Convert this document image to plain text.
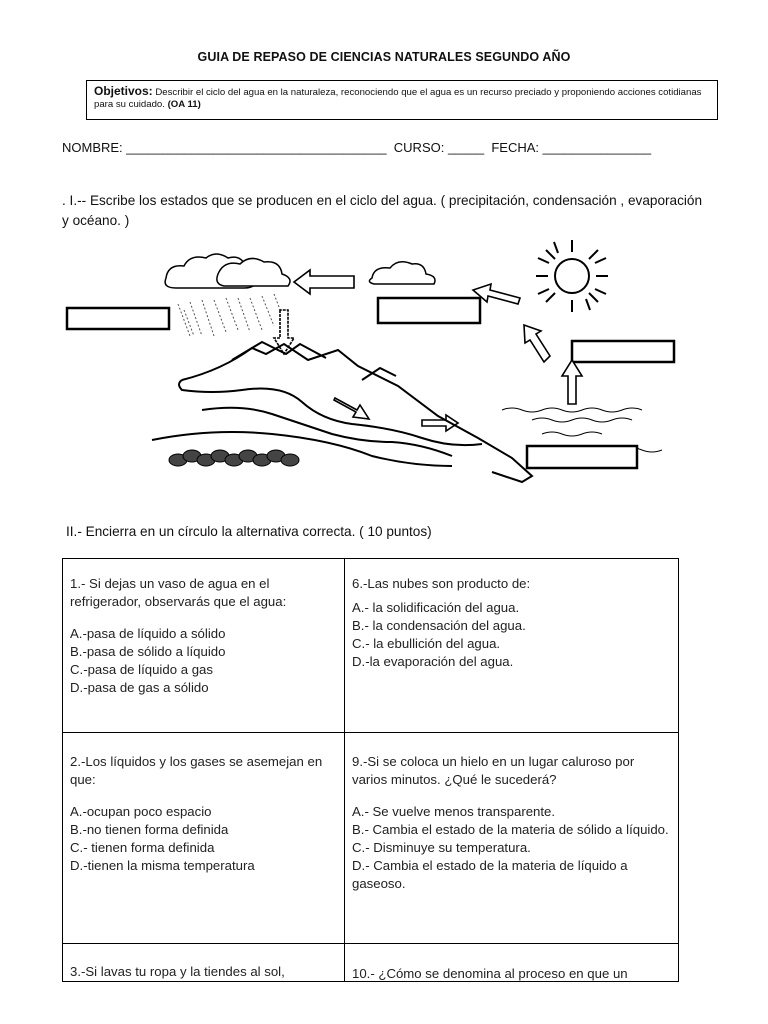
GUIA DE REPASO DE CIENCIAS NATURALES SEGUNDO AÑO
Objetivos: Describir el ciclo del agua en la naturaleza, reconociendo que el agua es un recurso preciado y proponiendo acciones cotidianas para su cuidado. (OA 11)
NOMBRE: ____________________________________  CURSO: _____  FECHA: _______________
. I.-- Escribe los estados que se producen en el ciclo del agua. ( precipitación, condensación , evaporación y océano. )
II.- Encierra en un círculo la alternativa correcta. ( 10 puntos)
1.- Si dejas un vaso de agua en el refrigerador, observarás que el agua:
A.-pasa de líquido a sólido
B.-pasa de sólido a líquido
C.-pasa de líquido a gas
D.-pasa de gas a sólido
6.-Las nubes son producto de:
A.- la solidificación del agua.
B.- la condensación del agua.
C.- la ebullición del agua.
D.-la evaporación del agua.
2.-Los líquidos y los gases se asemejan en que:
A.-ocupan poco espacio
B.-no tienen forma definida
C.- tienen forma definida
D.-tienen la misma temperatura
9.-Si se coloca un hielo en un lugar caluroso por varios minutos. ¿Qué le sucederá?
A.- Se vuelve menos transparente.
B.- Cambia el estado de la materia de sólido a líquido.
C.- Disminuye su temperatura.
D.- Cambia el estado de la materia de líquido a gaseoso.
3.-Si lavas tu ropa y la tiendes al sol,	10.- ¿Cómo se denomina al proceso en que un
